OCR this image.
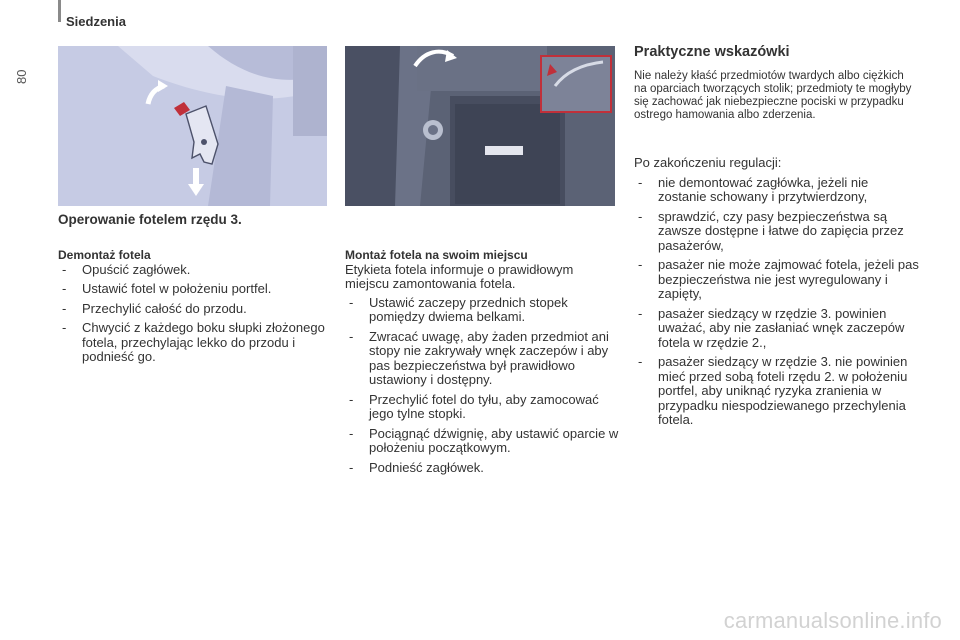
Siedzenia
80
Operowanie fotelem rzędu 3.

Demontaż fotela

- Opuścić zagłówek.
- Ustawić fotel w położeniu portfel.
- Przechylić całość do przodu.
- Chwycić z każdego boku słupki złożonego fotela, przechylając lekko do przodu i podnieść go.

Montaż fotela na swoim miejscu

Etykieta fotela informuje o prawidłowym miejscu zamontowania fotela.

- Ustawić zaczepy przednich stopek pomiędzy dwiema belkami.
- Zwracać uwagę, aby żaden przedmiot ani stopy nie zakrywały wnęk zaczepów i aby pas bezpieczeństwa był prawidłowo ustawiony i dostępny.
- Przechylić fotel do tyłu, aby zamocować jego tylne stopki.
- Pociągnąć dźwignię, aby ustawić oparcie w położeniu początkowym.
- Podnieść zagłówek.
Praktyczne wskazówki

Nie należy kłaść przedmiotów twardych albo ciężkich na oparciach tworzących stolik; przedmioty te mogłyby się zachować jak niebezpieczne pociski w przypadku ostrego hamowania albo zderzenia.

Po zakończeniu regulacji:

- nie demontować zagłówka, jeżeli nie zostanie schowany i przytwierdzony,
- sprawdzić, czy pasy bezpieczeństwa są zawsze dostępne i łatwe do zapięcia przez pasażerów,
- pasażer nie może zajmować fotela, jeżeli pas bezpieczeństwa nie jest wyregulowany i zapięty,
- pasażer siedzący w rzędzie 3. powinien uważać, aby nie zasłaniać wnęk zaczepów fotela w rzędzie 2.,
- pasażer siedzący w rzędzie 3. nie powinien mieć przed sobą foteli rzędu 2. w położeniu portfel, aby uniknąć ryzyka zranienia w przypadku niespodziewanego przechylenia fotela.
carmanualsonline.info
